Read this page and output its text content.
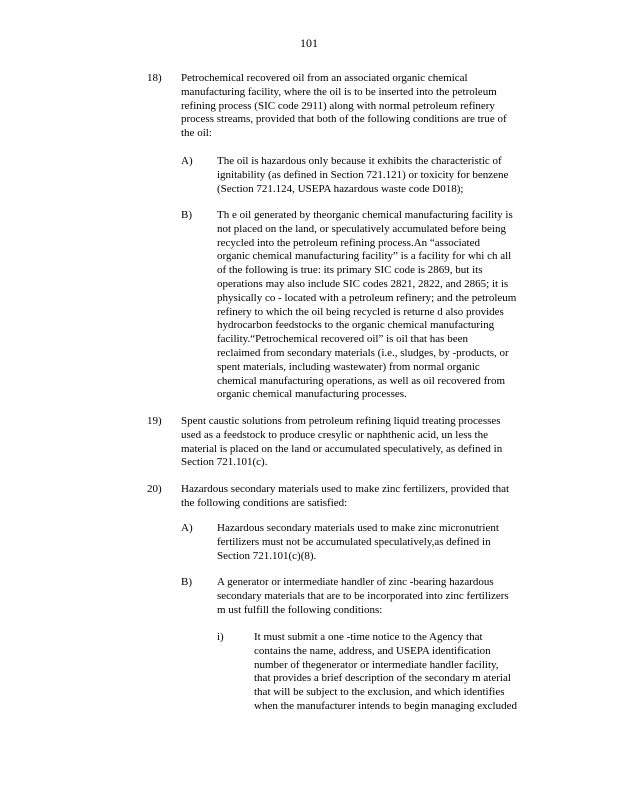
101
18) Petrochemical recovered oil from an associated organic chemical
manufacturing facility, where the oil is to be inserted into the petroleum
refining process (SIC code 2911) along with normal petroleum refinery
process streams, provided that both of the following conditions are true of
the oil:
A) The oil is hazardous only because it exhibits the characteristic of
ignitability (as defined in Section 721.121) or toxicity for benzene
(Section 721.124, USEPA hazardous waste code D018);
B) Th e oil generated by theorganic chemical manufacturing facility is
not placed on the land, or speculatively accumulated before being
recycled into the petroleum refining process.An “associated
organic chemical manufacturing facility” is a facility for whi ch all
of the following is true: its primary SIC code is 2869, but its
operations may also include SIC codes 2821, 2822, and 2865; it is
physically co - located with a petroleum refinery; and the petroleum
refinery to which the oil being recycled is returne d also provides
hydrocarbon feedstocks to the organic chemical manufacturing
facility.“Petrochemical recovered oil” is oil that has been
reclaimed from secondary materials (i.e., sludges, by -products, or
spent materials, including wastewater) from normal organic
chemical manufacturing operations, as well as oil recovered from
organic chemical manufacturing processes.
19) Spent caustic solutions from petroleum refining liquid treating processes
used as a feedstock to produce cresylic or naphthenic acid, un less the
material is placed on the land or accumulated speculatively, as defined in
Section 721.101(c).
20) Hazardous secondary materials used to make zinc fertilizers, provided that
the following conditions are satisfied:
A) Hazardous secondary materials used to make zinc micronutrient
fertilizers must not be accumulated speculatively,as defined in
Section 721.101(c)(8).
B) A generator or intermediate handler of zinc -bearing hazardous
secondary materials that are to be incorporated into zinc fertilizers
m ust fulfill the following conditions:
i)	It must submit a one -time notice to the Agency that
contains the name, address, and USEPA identification
number of thegenerator or intermediate handler facility,
that provides a brief description of the secondary m aterial
that will be subject to the exclusion, and which identifies
when the manufacturer intends to begin managing excluded
